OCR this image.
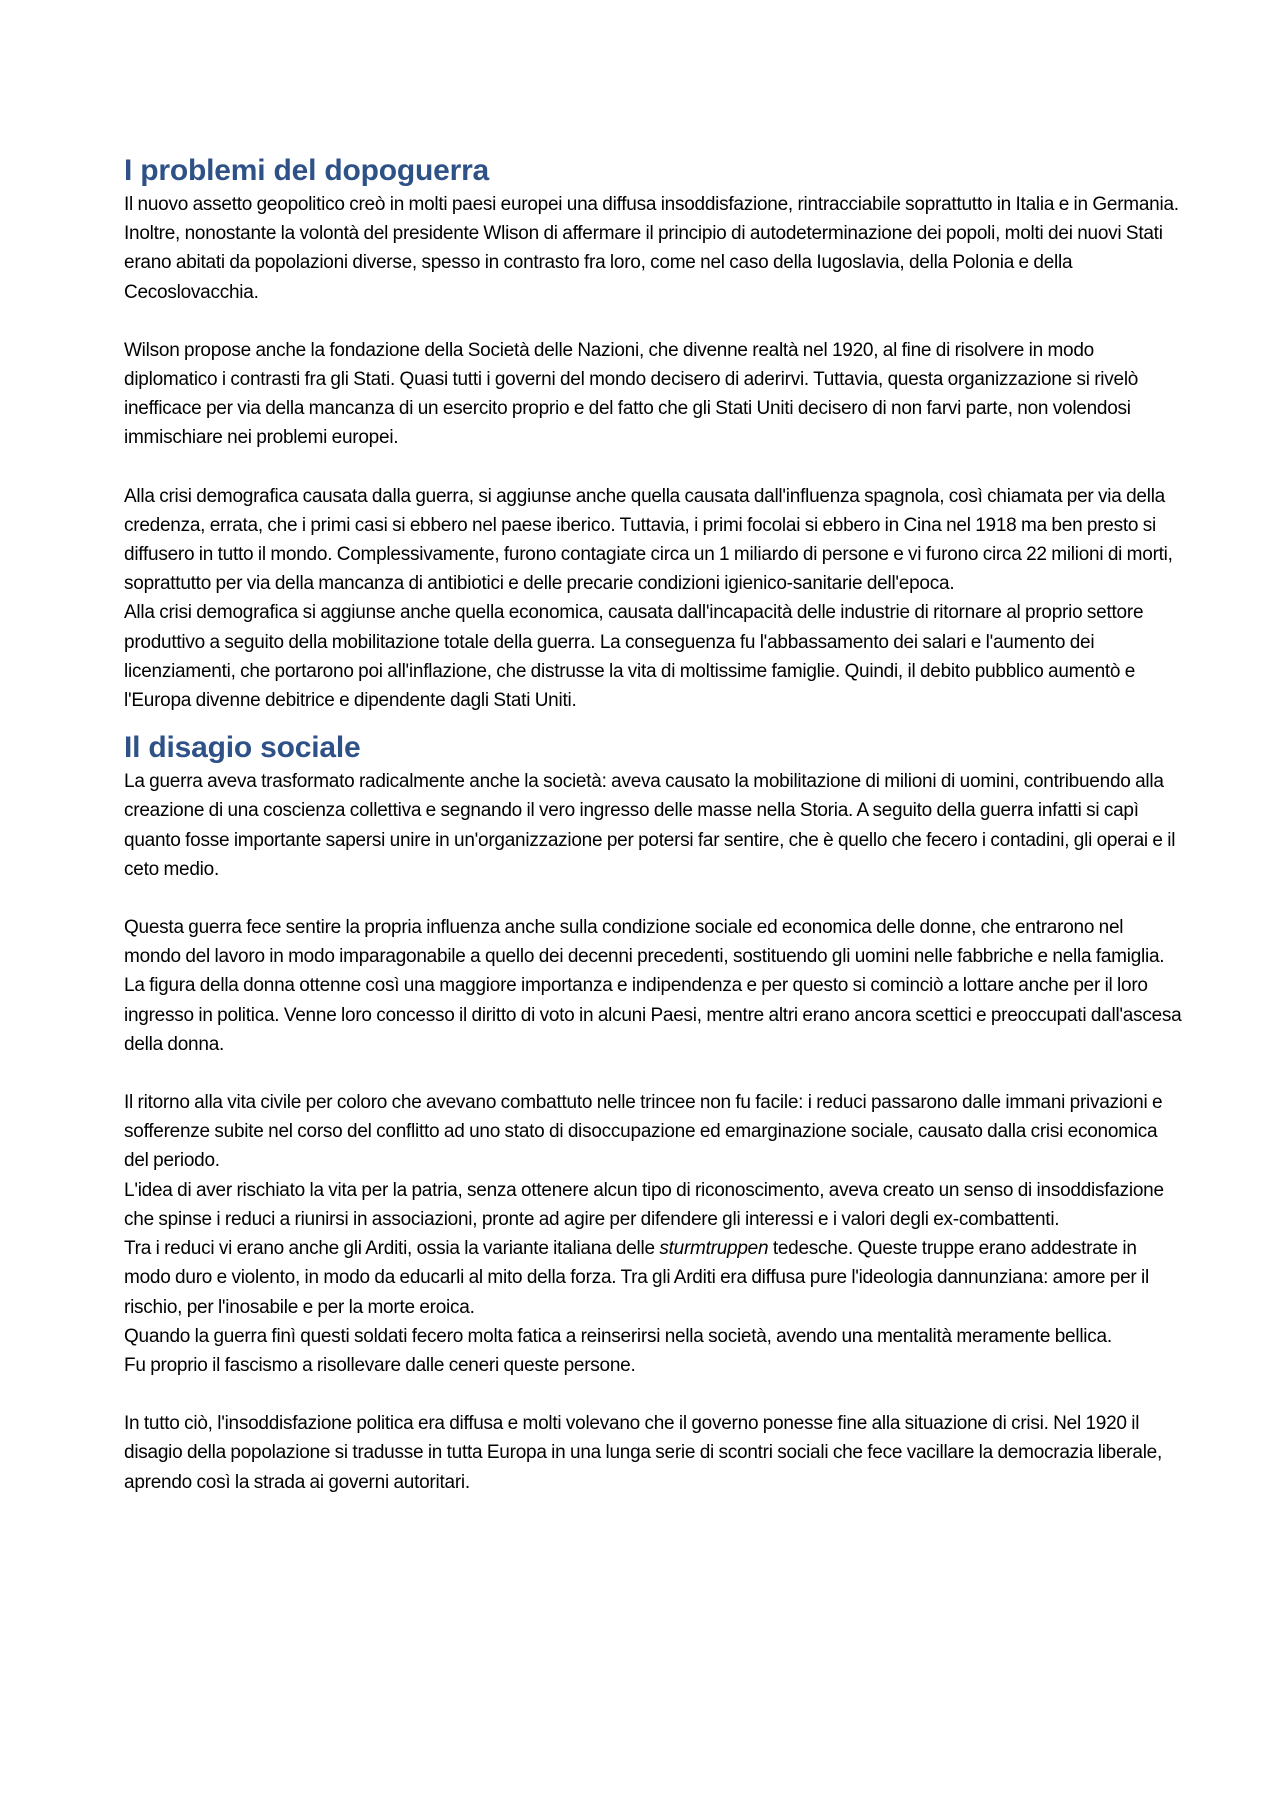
I problemi del dopoguerra

Il nuovo assetto geopolitico creò in molti paesi europei una diffusa insoddisfazione, rintracciabile soprattutto in Italia e in Germania. Inoltre, nonostante la volontà del presidente Wlison di affermare il principio di autodeterminazione dei popoli, molti dei nuovi Stati erano abitati da popolazioni diverse, spesso in contrasto fra loro, come nel caso della Iugoslavia, della Polonia e della Cecoslovacchia.

Wilson propose anche la fondazione della Società delle Nazioni, che divenne realtà nel 1920, al fine di risolvere in modo diplomatico i contrasti fra gli Stati. Quasi tutti i governi del mondo decisero di aderirvi. Tuttavia, questa organizzazione si rivelò inefficace per via della mancanza di un esercito proprio e del fatto che gli Stati Uniti decisero di non farvi parte, non volendosi immischiare nei problemi europei.

Alla crisi demografica causata dalla guerra, si aggiunse anche quella causata dall'influenza spagnola, così chiamata per via della credenza, errata, che i primi casi si ebbero nel paese iberico. Tuttavia, i primi focolai si ebbero in Cina nel 1918 ma ben presto si diffusero in tutto il mondo. Complessivamente, furono contagiate circa un 1 miliardo di persone e vi furono circa 22 milioni di morti, soprattutto per via della mancanza di antibiotici e delle precarie condizioni igienico-sanitarie dell'epoca.

Alla crisi demografica si aggiunse anche quella economica, causata dall'incapacità delle industrie di ritornare al proprio settore produttivo a seguito della mobilitazione totale della guerra. La conseguenza fu l'abbassamento dei salari e l'aumento dei licenziamenti, che portarono poi all'inflazione, che distrusse la vita di moltissime famiglie. Quindi, il debito pubblico aumentò e l'Europa divenne debitrice e dipendente dagli Stati Uniti.

Il disagio sociale

La guerra aveva trasformato radicalmente anche la società: aveva causato la mobilitazione di milioni di uomini, contribuendo alla creazione di una coscienza collettiva e segnando il vero ingresso delle masse nella Storia. A seguito della guerra infatti si capì quanto fosse importante sapersi unire in un'organizzazione per potersi far sentire, che è quello che fecero i contadini, gli operai e il ceto medio.

Questa guerra fece sentire la propria influenza anche sulla condizione sociale ed economica delle donne, che entrarono nel mondo del lavoro in modo imparagonabile a quello dei decenni precedenti, sostituendo gli uomini nelle fabbriche e nella famiglia. La figura della donna ottenne così una maggiore importanza e indipendenza e per questo si cominciò a lottare anche per il loro ingresso in politica. Venne loro concesso il diritto di voto in alcuni Paesi, mentre altri erano ancora scettici e preoccupati dall'ascesa della donna.

Il ritorno alla vita civile per coloro che avevano combattuto nelle trincee non fu facile: i reduci passarono dalle immani privazioni e sofferenze subite nel corso del conflitto ad uno stato di disoccupazione ed emarginazione sociale, causato dalla crisi economica del periodo.

L'idea di aver rischiato la vita per la patria, senza ottenere alcun tipo di riconoscimento, aveva creato un senso di insoddisfazione che spinse i reduci a riunirsi in associazioni, pronte ad agire per difendere gli interessi e i valori degli ex-combattenti.

Tra i reduci vi erano anche gli Arditi, ossia la variante italiana delle sturmtruppen tedesche. Queste truppe erano addestrate in modo duro e violento, in modo da educarli al mito della forza. Tra gli Arditi era diffusa pure l'ideologia dannunziana: amore per il rischio, per l'inosabile e per la morte eroica.

Quando la guerra finì questi soldati fecero molta fatica a reinserirsi nella società, avendo una mentalità meramente bellica.

Fu proprio il fascismo a risollevare dalle ceneri queste persone.

In tutto ciò, l'insoddisfazione politica era diffusa e molti volevano che il governo ponesse fine alla situazione di crisi. Nel 1920 il disagio della popolazione si tradusse in tutta Europa in una lunga serie di scontri sociali che fece vacillare la democrazia liberale, aprendo così la strada ai governi autoritari.
